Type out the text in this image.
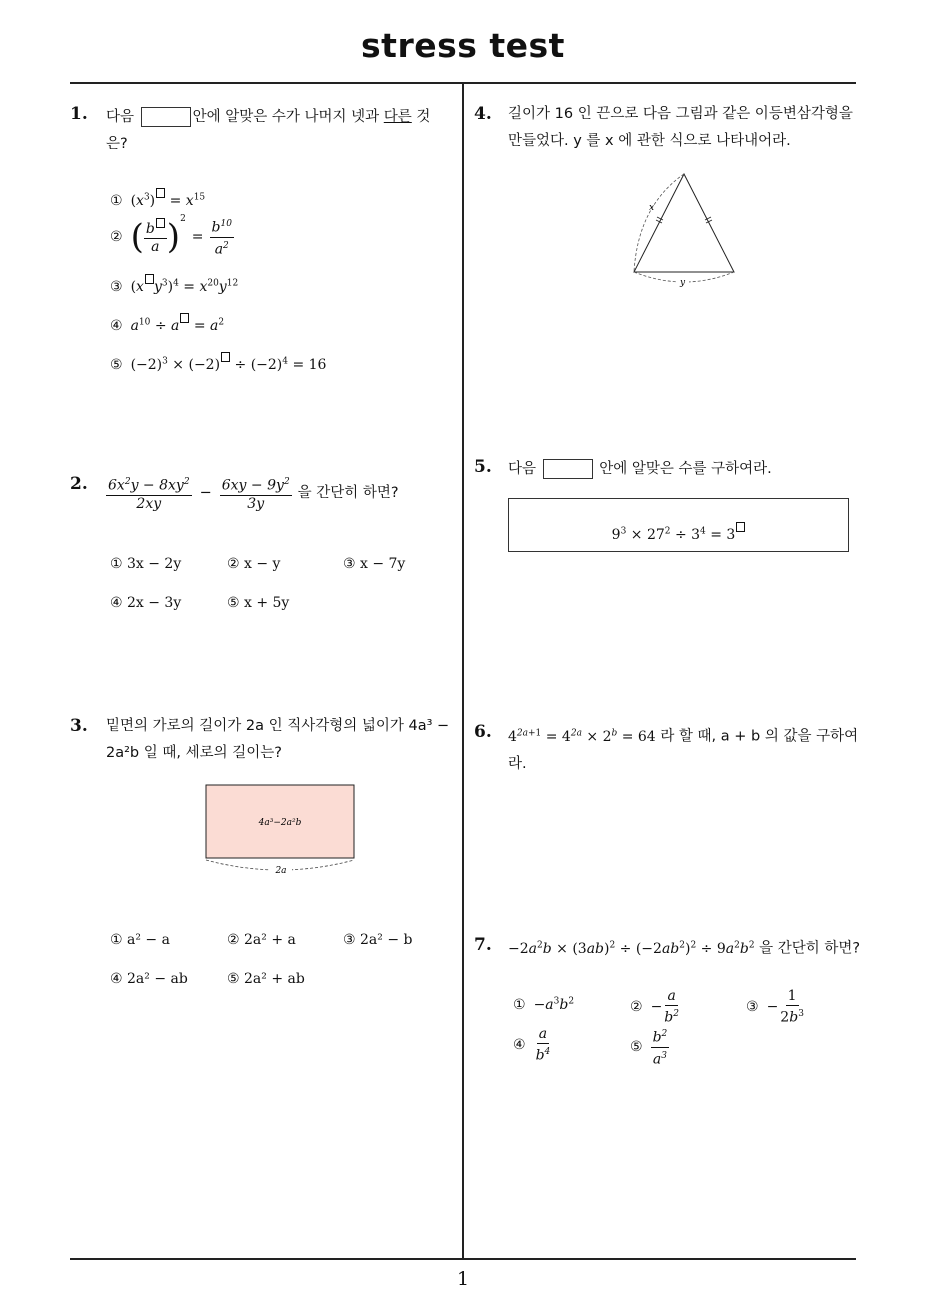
stress test
1
1. 다음	안에 알맞은 수가 나머지 넷과 다른 것
은?
① $(x^3) = x^{15}$
② ( $\frac{b}{a} )^2$
= $\frac{b^{10}}{a^2}$
③ (x $y^3)^4 = x^{20}y^{12}$
④ $a^{10} \div a = a^2$
⑤ $(-2)^3 \times (-2) \div (-2)^4 = 16$
2. $\frac{6x^2y - 8xy^2}{2xy} - \frac{6xy - 9y^2}{3y}$ 을 간단히 하면?
① 3x − 2y	② x − y	③ x − 7y
④ 2x − 3y	⑤ x + 5y
3. 밑면의 가로의 길이가 2a 인 직사각형의 넓이가 4a³ −
2a²b 일 때, 세로의 길이는?
4a³−2a²b
2a
① a² − a	② 2a² + a	③ 2a² − b
④ 2a² − ab	⑤ 2a² + ab
4. 길이가 16 인 끈으로 다음 그림과 같은 이등변삼각형을
만들었다. y 를 x 에 관한 식으로 나타내어라.
x
y
5. 다음	안에 알맞은 수를 구하여라.
$9^3 \times 27^2 \div 3^4 = 3$
6. $4^{2a+1} = 4^{2a} \times 2^b = 64$ 라 할 때, a + b 의 값을 구하여
라.
7. $-2a^2b \times (3ab)^2 \div (-2ab^2)^2 \div 9a^2b^2$ 을 간단히 하면?
① $-a^3b^2$	② − $\frac{a}{b^2}$	③ − $\frac{1}{2b^3}$
④ $\frac{a}{b^4}$	⑤ $\frac{b^2}{a^3}$
